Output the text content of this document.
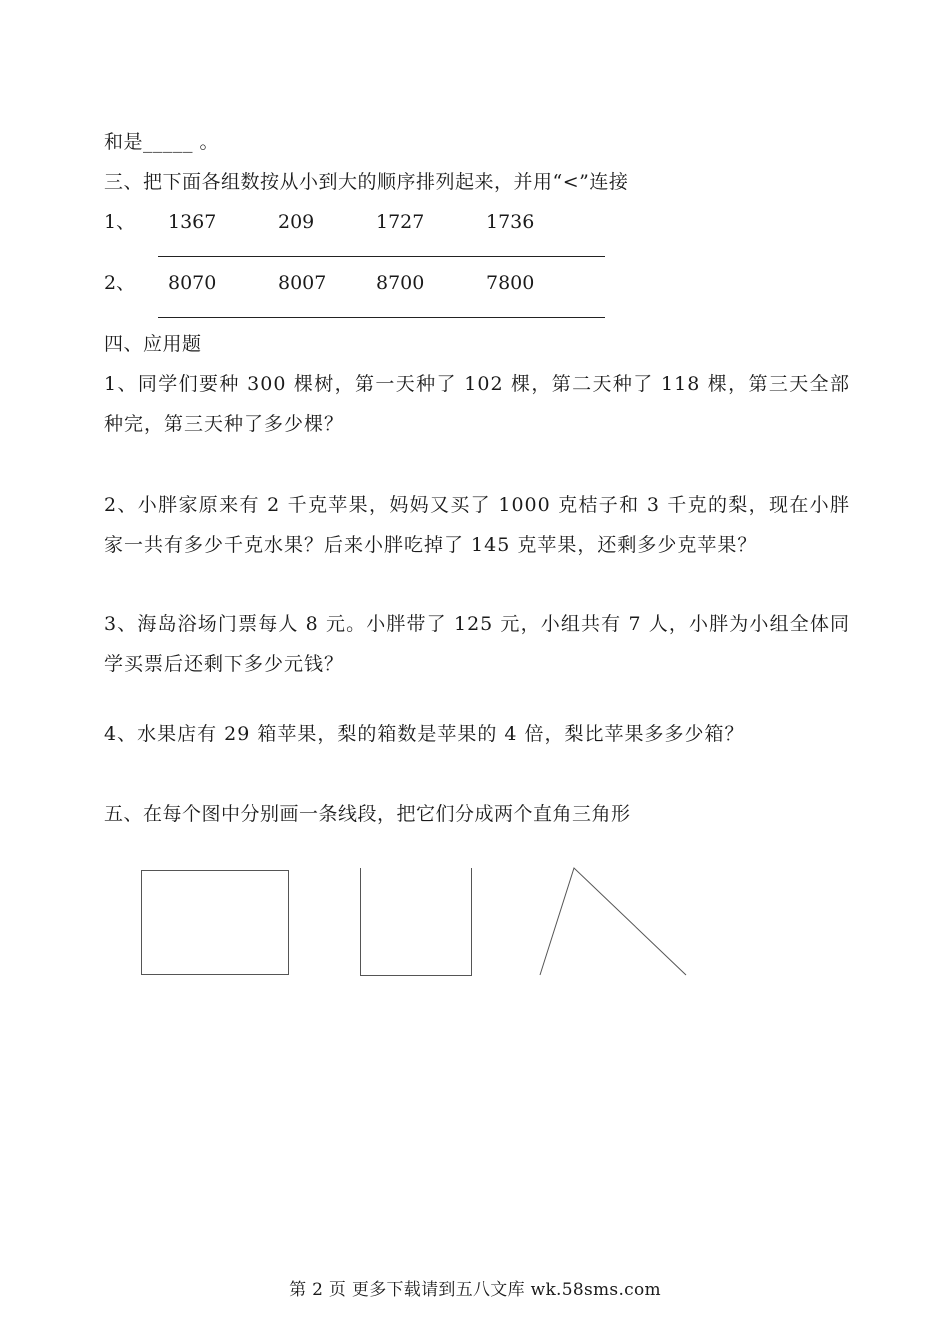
和是_____ 。
三、把下面各组数按从小到大的顺序排列起来，并用“<”连接
1、 1367	209	1727	1736
2、 8070	8007	8700	7800
四、应用题
1、同学们要种 300 棵树，第一天种了 102 棵，第二天种了 118 棵，第三天全部种完，第三天种了多少棵？
2、小胖家原来有 2 千克苹果，妈妈又买了 1000 克桔子和 3 千克的梨，现在小胖家一共有多少千克水果？后来小胖吃掉了 145 克苹果，还剩多少克苹果？
3、海岛浴场门票每人 8 元。小胖带了 125 元，小组共有 7 人，小胖为小组全体同学买票后还剩下多少元钱？
4、水果店有 29 箱苹果，梨的箱数是苹果的 4 倍，梨比苹果多多少箱？
五、在每个图中分别画一条线段，把它们分成两个直角三角形
第 2 页 更多下载请到五八文库 wk.58sms.com
